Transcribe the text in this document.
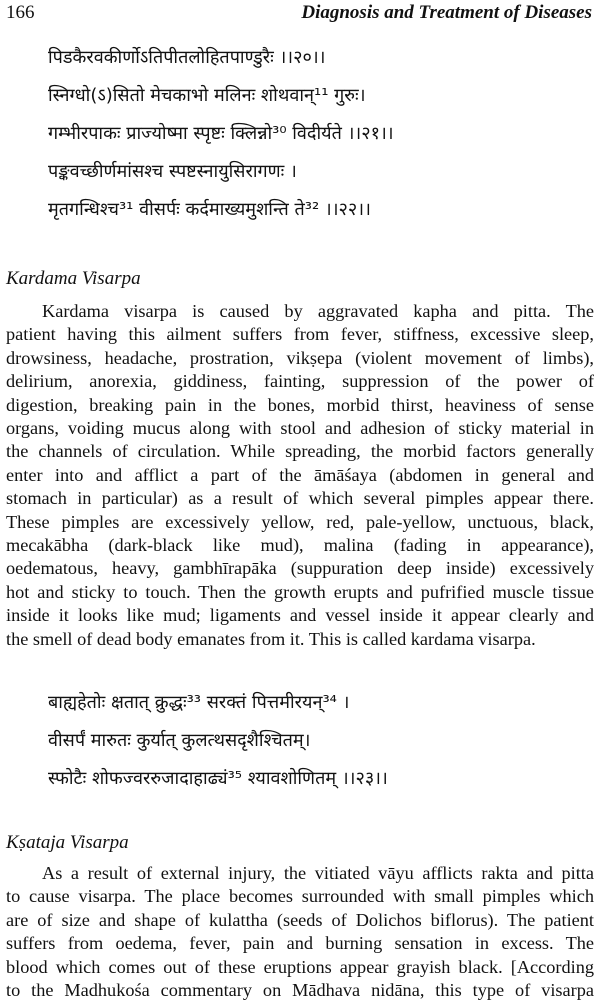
166	Diagnosis and Treatment of Diseases
पिडकैरवकीर्णोऽतिपीतलोहितपाण्डुरैः ।।२०।।
स्निग्धो(ऽ)सितो मेचकाभो मलिनः शोथवान्¹¹ गुरुः।
गम्भीरपाकः प्राज्योष्मा स्पृष्टः क्लिन्नो³⁰ विदीर्यते ।।२१।।
पङ्कवच्छीर्णमांसश्च स्पष्टस्नायुसिरागणः ।
मृतगन्धिश्च³¹ वीसर्पः कर्दमाख्यमुशन्ति ते³² ।।२२।।
Kardama Visarpa
Kardama visarpa is caused by aggravated kapha and pitta. The
patient having this ailment suffers from fever, stiffness, excessive sleep,
drowsiness, headache, prostration, vikṣepa (violent movement of limbs),
delirium, anorexia, giddiness, fainting, suppression of the power of
digestion, breaking pain in the bones, morbid thirst, heaviness of sense
organs, voiding mucus along with stool and adhesion of sticky material in
the channels of circulation. While spreading, the morbid factors generally
enter into and afflict a part of the āmāśaya (abdomen in general and
stomach in particular) as a result of which several pimples appear there.
These pimples are excessively yellow, red, pale-yellow, unctuous, black,
mecakābha (dark-black like mud), malina (fading in appearance),
oedematous, heavy, gambhīrapāka (suppuration deep inside) excessively
hot and sticky to touch. Then the growth erupts and pufrified muscle tissue
inside it looks like mud; ligaments and vessel inside it appear clearly and
the smell of dead body emanates from it. This is called kardama visarpa.
बाह्यहेतोः क्षतात् क्रुद्धः³³ सरक्तं पित्तमीरयन्³⁴ ।
वीसर्पं मारुतः कुर्यात् कुलत्थसदृशैश्चितम्।
स्फोटैः शोफज्वररुजादाहाढ्यं³⁵ श्यावशोणितम् ।।२३।।
Kṣataja Visarpa
As a result of external injury, the vitiated vāyu afflicts rakta and pitta
to cause visarpa. The place becomes surrounded with small pimples which
are of size and shape of kulattha (seeds of Dolichos biflorus). The patient
suffers from oedema, fever, pain and burning sensation in excess. The
blood which comes out of these eruptions appear grayish black. [According
to the Madhukośa commentary on Mādhava nidāna, this type of visarpa
